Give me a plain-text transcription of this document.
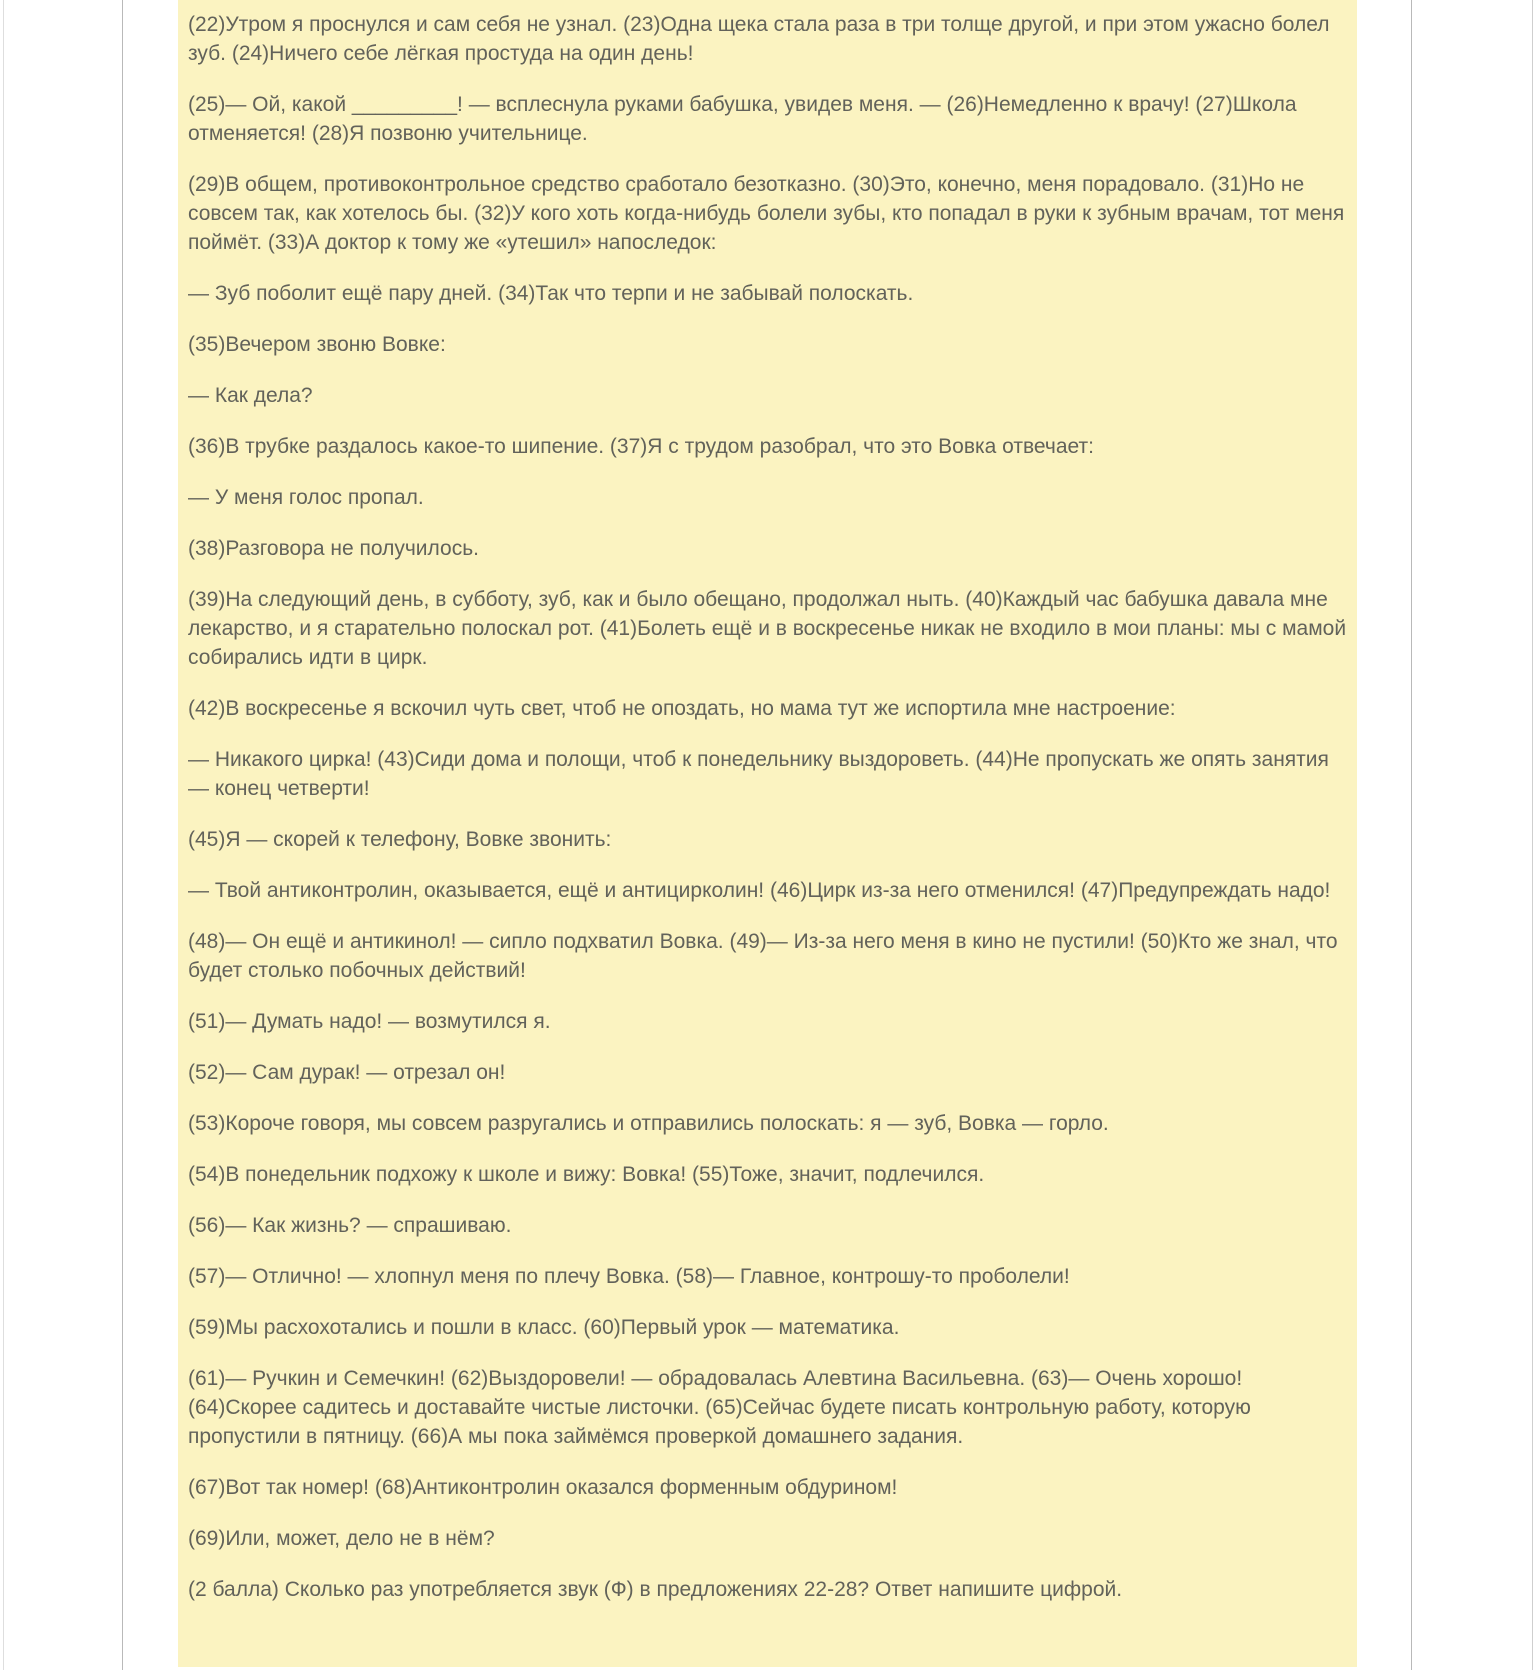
(22)Утром я проснулся и сам себя не узнал. (23)Одна щека стала раза в три толще другой, и при этом ужасно болел зуб. (24)Ничего себе лёгкая простуда на один день!

(25)— Ой, какой _________! — всплеснула руками бабушка, увидев меня. — (26)Немедленно к врачу! (27)Школа отменяется! (28)Я позвоню учительнице.

(29)В общем, противоконтрольное средство сработало безотказно. (30)Это, конечно, меня порадовало. (31)Но не совсем так, как хотелось бы. (32)У кого хоть когда-нибудь болели зубы, кто попадал в руки к зубным врачам, тот меня поймёт. (33)А доктор к тому же «утешил» напоследок:

— Зуб поболит ещё пару дней. (34)Так что терпи и не забывай полоскать.

(35)Вечером звоню Вовке:

— Как дела?

(36)В трубке раздалось какое-то шипение. (37)Я с трудом разобрал, что это Вовка отвечает:

— У меня голос пропал.

(38)Разговора не получилось.

(39)На следующий день, в субботу, зуб, как и было обещано, продолжал ныть. (40)Каждый час бабушка давала мне лекарство, и я старательно полоскал рот. (41)Болеть ещё и в воскресенье никак не входило в мои планы: мы с мамой собирались идти в цирк.

(42)В воскресенье я вскочил чуть свет, чтоб не опоздать, но мама тут же испортила мне настроение:

— Никакого цирка! (43)Сиди дома и полощи, чтоб к понедельнику выздороветь. (44)Не пропускать же опять занятия — конец четверти!

(45)Я — скорей к телефону, Вовке звонить:

— Твой антиконтролин, оказывается, ещё и антицирколин! (46)Цирк из-за него отменился! (47)Предупреждать надо!

(48)— Он ещё и антикинол! — сипло подхватил Вовка. (49)— Из-за него меня в кино не пустили! (50)Кто же знал, что будет столько побочных действий!

(51)— Думать надо! — возмутился я.

(52)— Сам дурак! — отрезал он!

(53)Короче говоря, мы совсем разругались и отправились полоскать: я — зуб, Вовка — горло.

(54)В понедельник подхожу к школе и вижу: Вовка! (55)Тоже, значит, подлечился.

(56)— Как жизнь? — спрашиваю.

(57)— Отлично! — хлопнул меня по плечу Вовка. (58)— Главное, контрошу-то проболели!

(59)Мы расхохотались и пошли в класс. (60)Первый урок — математика.

(61)— Ручкин и Семечкин! (62)Выздоровели! — обрадовалась Алевтина Васильевна. (63)— Очень хорошо! (64)Скорее садитесь и доставайте чистые листочки. (65)Сейчас будете писать контрольную работу, которую пропустили в пятницу. (66)А мы пока займёмся проверкой домашнего задания.

(67)Вот так номер! (68)Антиконтролин оказался форменным обдурином!

(69)Или, может, дело не в нём?

(2 балла) Сколько раз употребляется звук (Ф) в предложениях 22-28? Ответ напишите цифрой.
